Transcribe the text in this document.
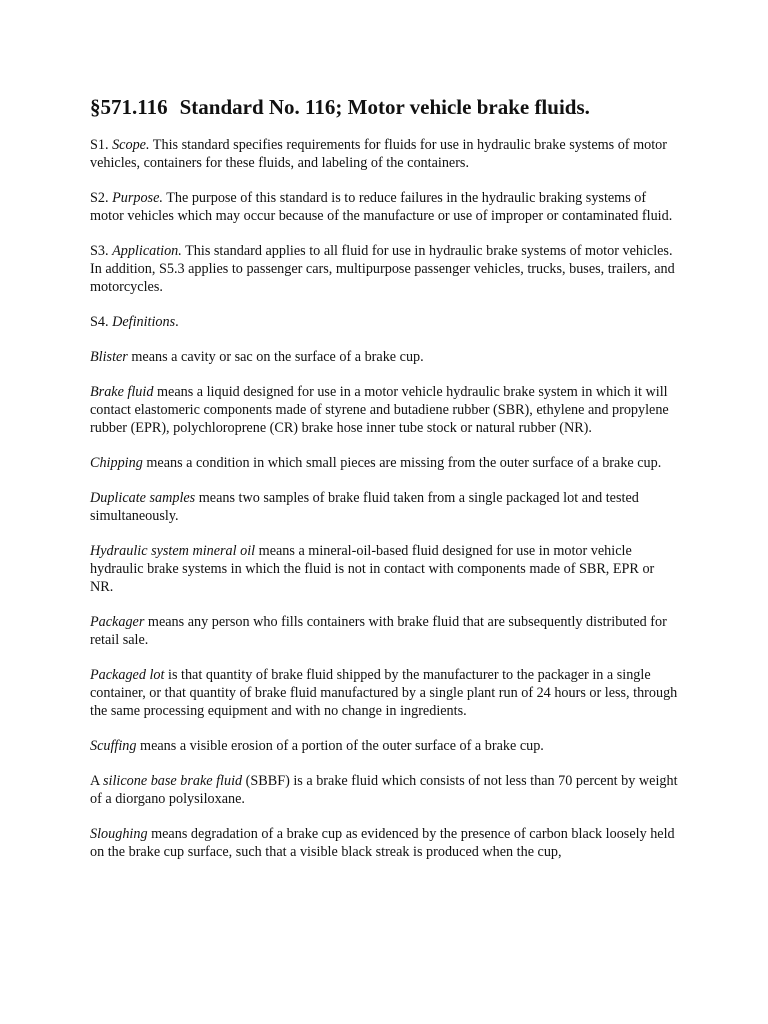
§571.116 Standard No. 116; Motor vehicle brake fluids.

S1. Scope. This standard specifies requirements for fluids for use in hydraulic brake systems of motor vehicles, containers for these fluids, and labeling of the containers.

S2. Purpose. The purpose of this standard is to reduce failures in the hydraulic braking systems of motor vehicles which may occur because of the manufacture or use of improper or contaminated fluid.

S3. Application. This standard applies to all fluid for use in hydraulic brake systems of motor vehicles. In addition, S5.3 applies to passenger cars, multipurpose passenger vehicles, trucks, buses, trailers, and motorcycles.

S4. Definitions.

Blister means a cavity or sac on the surface of a brake cup.

Brake fluid means a liquid designed for use in a motor vehicle hydraulic brake system in which it will contact elastomeric components made of styrene and butadiene rubber (SBR), ethylene and propylene rubber (EPR), polychloroprene (CR) brake hose inner tube stock or natural rubber (NR).

Chipping means a condition in which small pieces are missing from the outer surface of a brake cup.

Duplicate samples means two samples of brake fluid taken from a single packaged lot and tested simultaneously.

Hydraulic system mineral oil means a mineral-oil-based fluid designed for use in motor vehicle hydraulic brake systems in which the fluid is not in contact with components made of SBR, EPR or NR.

Packager means any person who fills containers with brake fluid that are subsequently distributed for retail sale.

Packaged lot is that quantity of brake fluid shipped by the manufacturer to the packager in a single container, or that quantity of brake fluid manufactured by a single plant run of 24 hours or less, through the same processing equipment and with no change in ingredients.

Scuffing means a visible erosion of a portion of the outer surface of a brake cup.

A silicone base brake fluid (SBBF) is a brake fluid which consists of not less than 70 percent by weight of a diorgano polysiloxane.

Sloughing means degradation of a brake cup as evidenced by the presence of carbon black loosely held on the brake cup surface, such that a visible black streak is produced when the cup,
